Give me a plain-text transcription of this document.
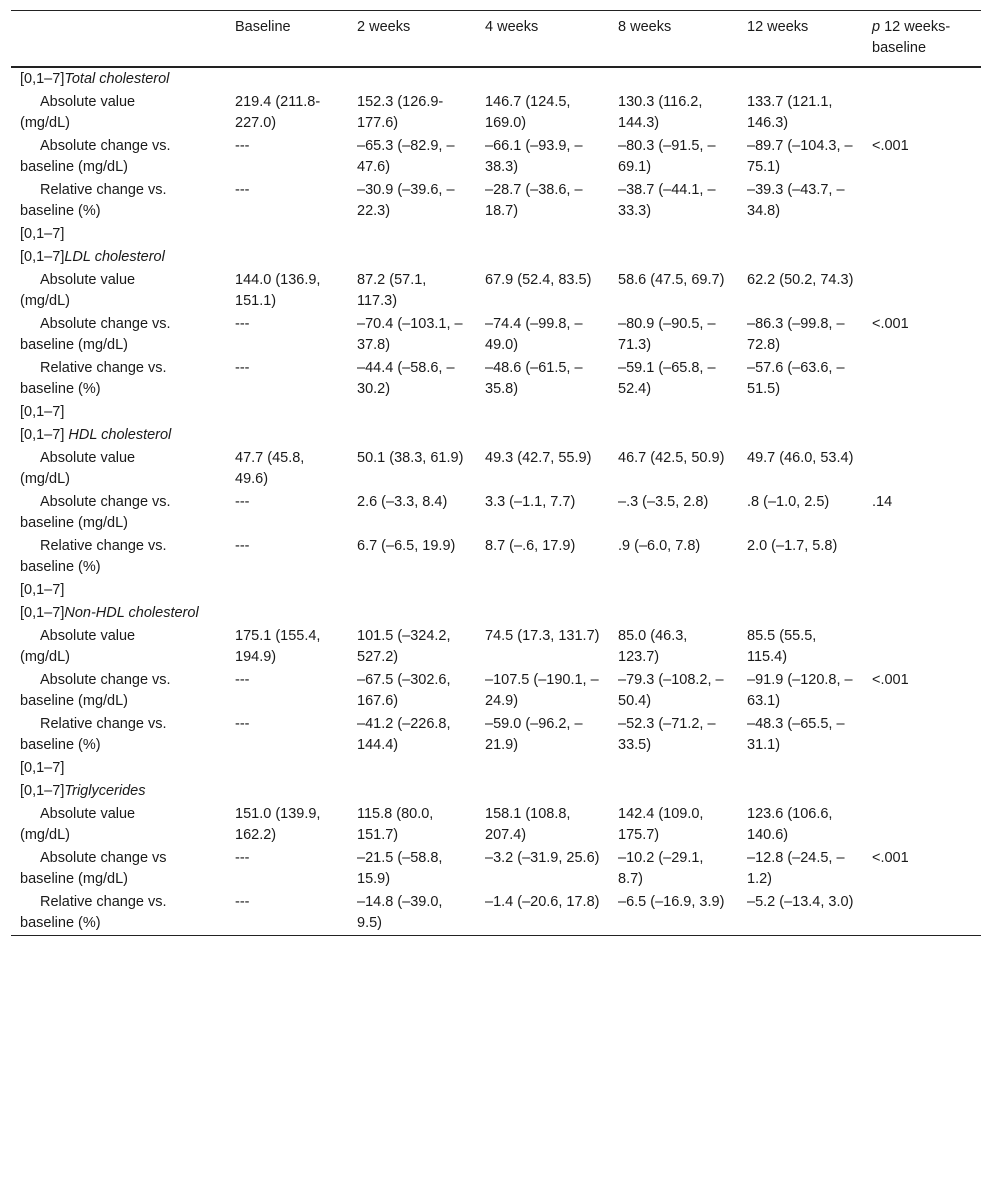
	Baseline	2 weeks	4 weeks	8 weeks	12 weeks	p 12 weeks-baseline
[0,1–7]Total cholesterol						

Absolute value
(mg/dL)	219.4 (211.8-227.0)	152.3 (126.9-177.6)	146.7 (124.5, 169.0)	130.3 (116.2, 144.3)	133.7 (121.1, 146.3)	

Absolute change vs.
baseline (mg/dL)	---	–65.3 (–82.9, –47.6)	–66.1 (–93.9, –38.3)	–80.3 (–91.5, –69.1)	–89.7 (–104.3, –75.1)	<.001

Relative change vs.
baseline (%)	---	–30.9 (–39.6, –22.3)	–28.7 (–38.6, –18.7)	–38.7 (–44.1, –33.3)	–39.3 (–43.7, –34.8)	
[0,1–7]						
[0,1–7]LDL cholesterol						

Absolute value
(mg/dL)	144.0 (136.9, 151.1)	87.2 (57.1, 117.3)	67.9 (52.4, 83.5)	58.6 (47.5, 69.7)	62.2 (50.2, 74.3)	

Absolute change vs.
baseline (mg/dL)	---	–70.4 (–103.1, –37.8)	–74.4 (–99.8, –49.0)	–80.9 (–90.5, –71.3)	–86.3 (–99.8, –72.8)	<.001

Relative change vs.
baseline (%)	---	–44.4 (–58.6, –30.2)	–48.6 (–61.5, –35.8)	–59.1 (–65.8, –52.4)	–57.6 (–63.6, –51.5)	
[0,1–7]						
[0,1–7] HDL cholesterol						

Absolute value
(mg/dL)	47.7 (45.8, 49.6)	50.1 (38.3, 61.9)	49.3 (42.7, 55.9)	46.7 (42.5, 50.9)	49.7 (46.0, 53.4)	

Absolute change vs.
baseline (mg/dL)	---	2.6 (–3.3, 8.4)	3.3 (–1.1, 7.7)	–.3 (–3.5, 2.8)	.8 (–1.0, 2.5)	.14

Relative change vs.
baseline (%)	---	6.7 (–6.5, 19.9)	8.7 (–.6, 17.9)	.9 (–6.0, 7.8)	2.0 (–1.7, 5.8)	
[0,1–7]						
[0,1–7]Non-HDL cholesterol						

Absolute value
(mg/dL)	175.1 (155.4, 194.9)	101.5 (–324.2, 527.2)	74.5 (17.3, 131.7)	85.0 (46.3, 123.7)	85.5 (55.5, 115.4)	

Absolute change vs.
baseline (mg/dL)	---	–67.5 (–302.6, 167.6)	–107.5 (–190.1, –24.9)	–79.3 (–108.2, –50.4)	–91.9 (–120.8, –63.1)	<.001

Relative change vs.
baseline (%)	---	–41.2 (–226.8, 144.4)	–59.0 (–96.2, –21.9)	–52.3 (–71.2, –33.5)	–48.3 (–65.5, –31.1)	
[0,1–7]						
[0,1–7]Triglycerides						

Absolute value
(mg/dL)	151.0 (139.9, 162.2)	115.8 (80.0, 151.7)	158.1 (108.8, 207.4)	142.4 (109.0, 175.7)	123.6 (106.6, 140.6)	

Absolute change vs
baseline (mg/dL)	---	–21.5 (–58.8, 15.9)	–3.2 (–31.9, 25.6)	–10.2 (–29.1, 8.7)	–12.8 (–24.5, –1.2)	<.001

Relative change vs.
baseline (%)	---	–14.8 (–39.0, 9.5)	–1.4 (–20.6, 17.8)	–6.5 (–16.9, 3.9)	–5.2 (–13.4, 3.0)	
